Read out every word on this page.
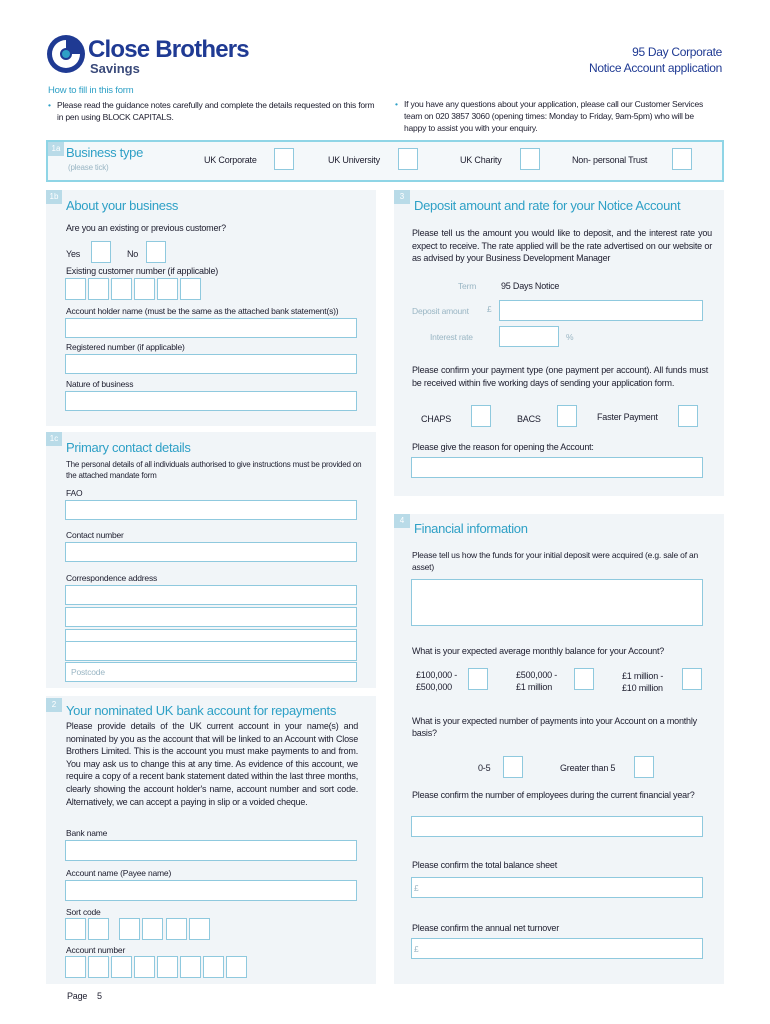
Close Brothers
Savings
95 Day Corporate
Notice Account application
How to fill in this form
• Please read the guidance notes carefully and complete the details requested on this form in pen using BLOCK CAPITALS.
• If you have any questions about your application, please call our Customer Services team on 020 3857 3060 (opening times: Monday to Friday, 9am-5pm) who will be happy to assist you with your enquiry.
1a Business type
(please tick)
UK Corporate	UK University	UK Charity	Non- personal Trust
1b
About your business
Are you an existing or previous customer?
Yes	No
Existing customer number (if applicable)
Account holder name (must be the same as the attached bank statement(s))
Registered number (if applicable)
Nature of business
1c
Primary contact details
The personal details of all individuals authorised to give instructions must be provided on the attached mandate form
FAO
Contact number
Correspondence address
Postcode
2 Your nominated UK bank account for repayments
Please provide details of the UK current account in your name(s) and nominated by you as the account that will be linked to an Account with Close Brothers Limited. This is the account you must make payments to and from. You may ask us to change this at any time. As evidence of this account, we require a copy of a recent bank statement dated within the last three months, clearly showing the account holder's name, account number and sort code. Alternatively, we can accept a paying in slip or a voided cheque.
Bank name
Account name (Payee name)
Sort code
Account number
3
Deposit amount and rate for your Notice Account
Please tell us the amount you would like to deposit, and the interest rate you expect to receive. The rate applied will be the rate advertised on our website or as advised by your Business Development Manager
Term	95 Days Notice
Deposit amount £
Interest rate	%
Please confirm your payment type (one payment per account). All funds must be received within five working days of sending your application form.
CHAPS	BACS	Faster Payment
Please give the reason for opening the Account:
4
Financial information
Please tell us how the funds for your initial deposit were acquired (e.g. sale of an asset)
What is your expected average monthly balance for your Account?
£100,000 -
£500,000
£500,000 -
£1 million
£1 million -
£10 million
What is your expected number of payments into your Account on a monthly basis?
0-5	Greater than 5
Please confirm the number of employees during the current financial year?
Please confirm the total balance sheet
£
Please confirm the annual net turnover
£
Page 5
